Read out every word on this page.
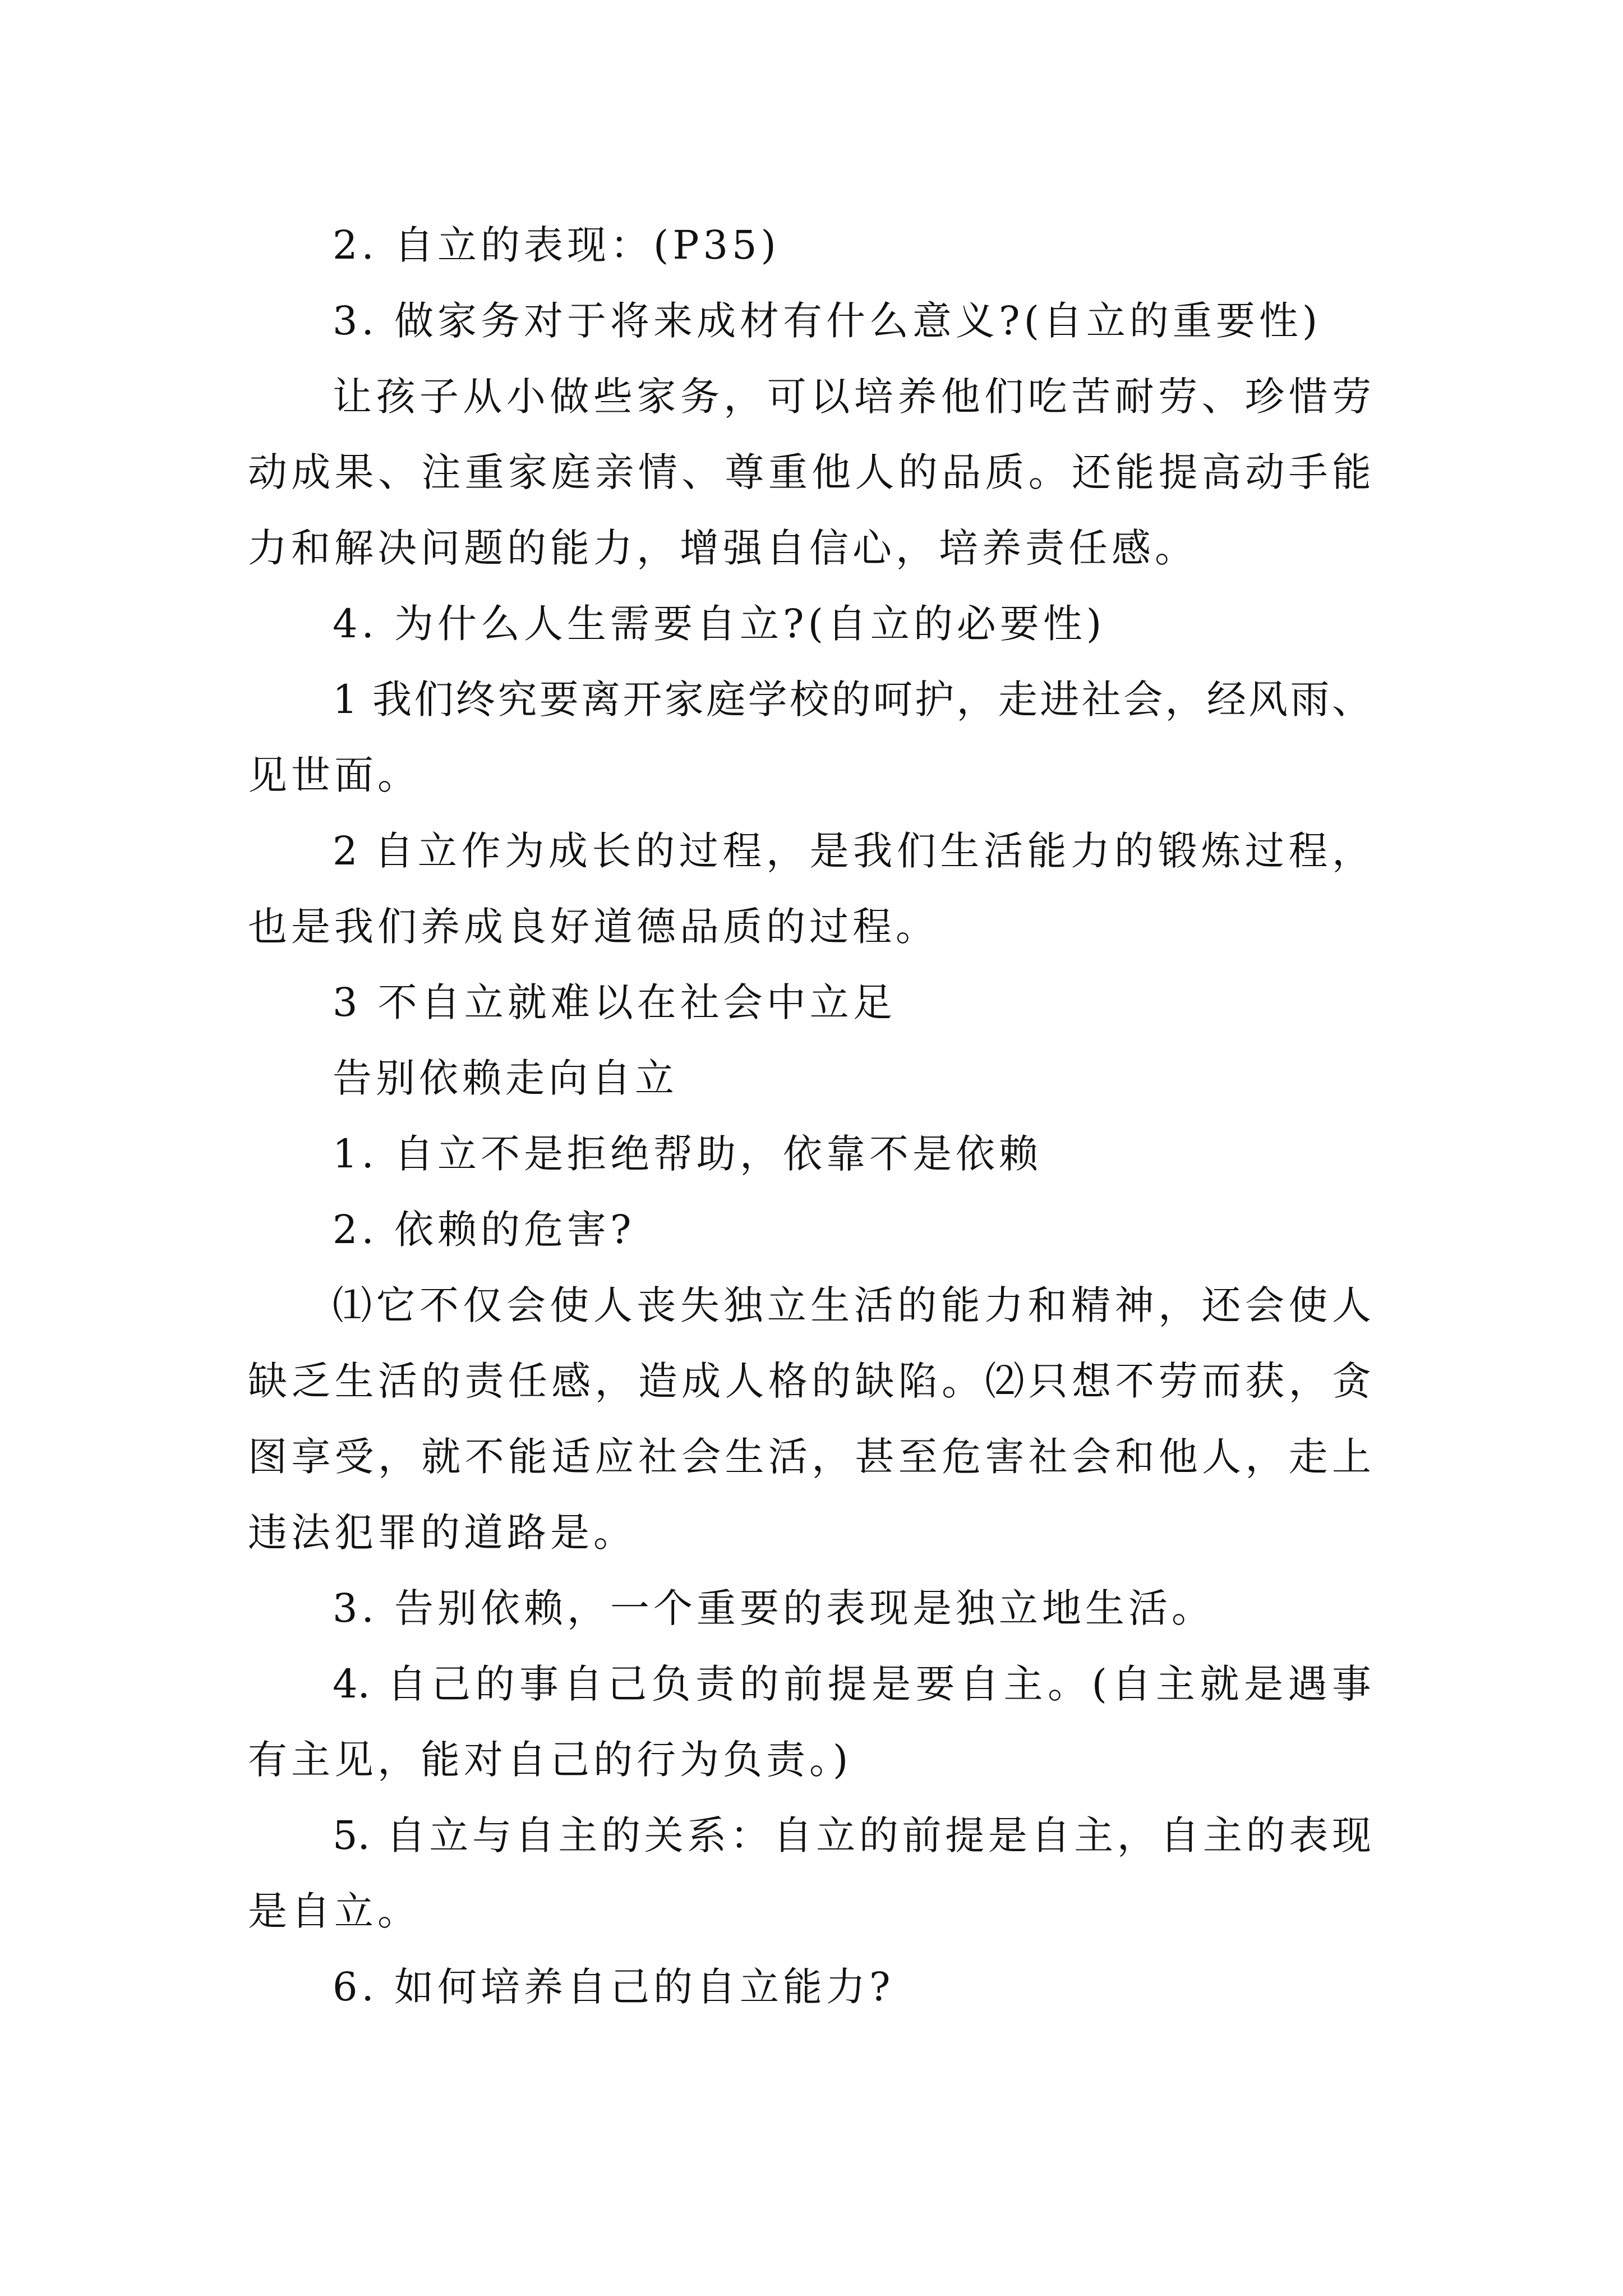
2. 自立的表现：(P35)
3. 做家务对于将来成材有什么意义?(自立的重要性)
让孩子从小做些家务，可以培养他们吃苦耐劳、珍惜劳
动成果、注重家庭亲情、尊重他人的品质。还能提高动手能
力和解决问题的能力，增强自信心，培养责任感。
4. 为什么人生需要自立?(自立的必要性)
1 我们终究要离开家庭学校的呵护，走进社会，经风雨、
见世面。
2 自立作为成长的过程，是我们生活能力的锻炼过程，
也是我们养成良好道德品质的过程。
3 不自立就难以在社会中立足
告别依赖走向自立
1. 自立不是拒绝帮助，依靠不是依赖
2. 依赖的危害?
⑴它不仅会使人丧失独立生活的能力和精神，还会使人
缺乏生活的责任感，造成人格的缺陷。⑵只想不劳而获，贪
图享受，就不能适应社会生活，甚至危害社会和他人，走上
违法犯罪的道路是。
3. 告别依赖，一个重要的表现是独立地生活。
4. 自己的事自己负责的前提是要自主。(自主就是遇事
有主见，能对自己的行为负责。)
5. 自立与自主的关系：自立的前提是自主，自主的表现
是自立。
6. 如何培养自己的自立能力?
